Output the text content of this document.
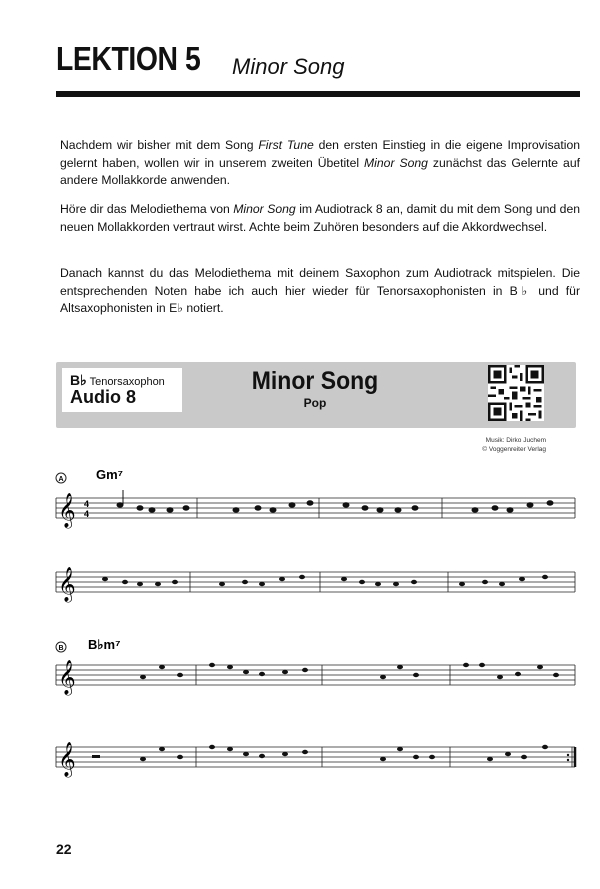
LEKTION 5 Minor Song
Nachdem wir bisher mit dem Song First Tune den ersten Einstieg in die eigene Improvisation gelernt haben, wollen wir in unserem zweiten Übetitel Minor Song zunächst das Gelernte auf andere Mollakkorde anwenden.
Höre dir das Melodiethema von Minor Song im Audiotrack 8 an, damit du mit dem Song und den neuen Mollakkorden vertraut wirst. Achte beim Zuhören besonders auf die Akkordwechsel.
Danach kannst du das Melodiethema mit deinem Saxophon zum Audiotrack mitspielen. Die entsprechenden Noten habe ich auch hier wieder für Tenorsaxophonisten in B♭ und für Altsaxophonisten in E♭ notiert.
B♭ Tenorsaxophon
Audio 8
Minor Song
Pop
Musik: Dirko Juchem
© Voggenreiter Verlag
𝄞
A Gm⁷
4
4
𝄞
𝄞
B B♭m⁷
𝄞
22
